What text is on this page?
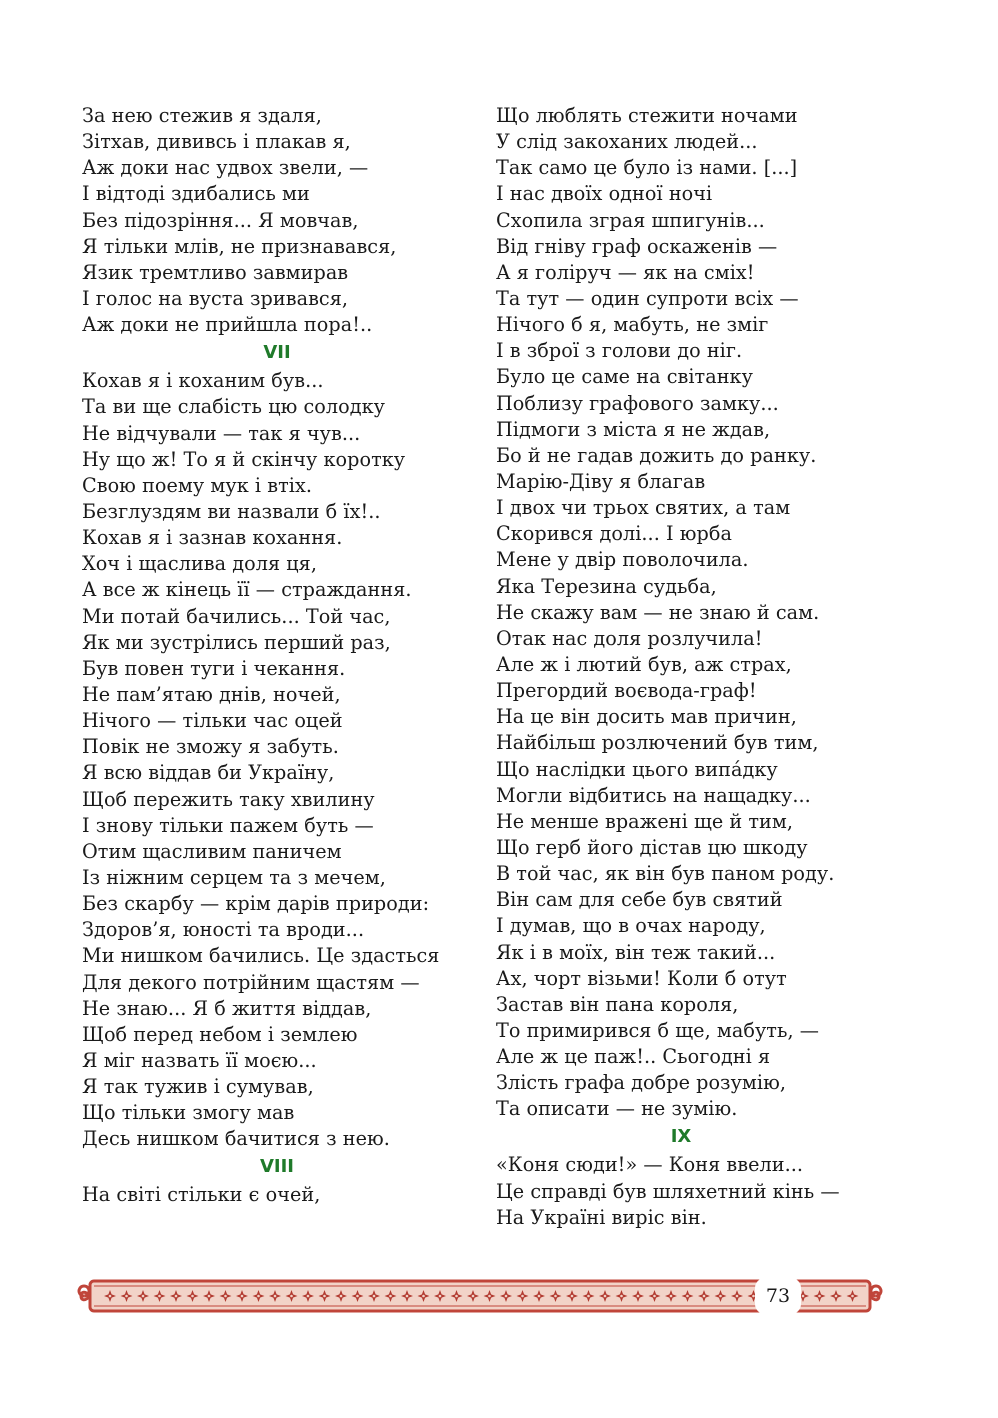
За нею стежив я здаля,
Зітхав, дививсь і плакав я,
Аж доки нас удвох звели, —
І відтоді здибались ми
Без підозріння... Я мовчав,
Я тільки млів, не признавався,
Язик тремтливо завмирав
І голос на вуста зривався,
Аж доки не прийшла пора!..
VII
Кохав я і коханим був...
Та ви ще слабість цю солодку
Не відчували — так я чув...
Ну що ж! То я й скінчу коротку
Свою поему мук і втіх.
Безглуздям ви назвали б їх!..
Кохав я і зазнав кохання.
Хоч і щаслива доля ця,
А все ж кінець її — страждання.
Ми потай бачились... Той час,
Як ми зустрілись перший раз,
Був повен туги і чекання.
Не пам’ятаю днів, ночей,
Нічого — тільки час оцей
Повік не зможу я забуть.
Я всю віддав би Україну,
Щоб пережить таку хвилину
І знову тільки пажем буть —
Отим щасливим паничем
Із ніжним серцем та з мечем,
Без скарбу — крім дарів природи:
Здоров’я, юності та вроди...
Ми нишком бачились. Це здасться
Для декого потрійним щастям —
Не знаю... Я б життя віддав,
Щоб перед небом і землею
Я міг назвать її моєю...
Я так тужив і сумував,
Що тільки змогу мав
Десь нишком бачитися з нею.
VIII
На світі стільки є очей,
Що люблять стежити ночами
У слід закоханих людей...
Так само це було із нами. [...]
І нас двоїх одної ночі
Схопила зграя шпигунів...
Від гніву граф оскаженів —
А я голіруч — як на сміх!
Та тут — один супроти всіх —
Нічого б я, мабуть, не зміг
І в зброї з голови до ніг.
Було це саме на світанку
Поблизу графового замку...
Підмоги з міста я не ждав,
Бо й не гадав дожить до ранку.
Марію-Діву я благав
І двох чи трьох святих, а там
Скорився долі... І юрба
Мене у двір поволочила.
Яка Терезина судьба,
Не скажу вам — не знаю й сам.
Отак нас доля розлучила!
Але ж і лютий був, аж страх,
Прегордий воєвода-граф!
На це він досить мав причин,
Найбільш розлючений був тим,
Що наслідки цього випáдку
Могли відбитись на нащадку...
Не менше вражені ще й тим,
Що герб його дістав цю шкоду
В той час, як він був паном роду.
Він сам для себе був святий
І думав, що в очах народу,
Як і в моїх, він теж такий...
Ах, чорт візьми! Коли б отут
Застав він пана короля,
То примирився б ще, мабуть, —
Але ж це паж!.. Сьогодні я
Злість графа добре розумію,
Та описати — не зумію.
IX
«Коня сюди!» — Коня ввели...
Це справді був шляхетний кінь —
На Україні виріс він.
73
